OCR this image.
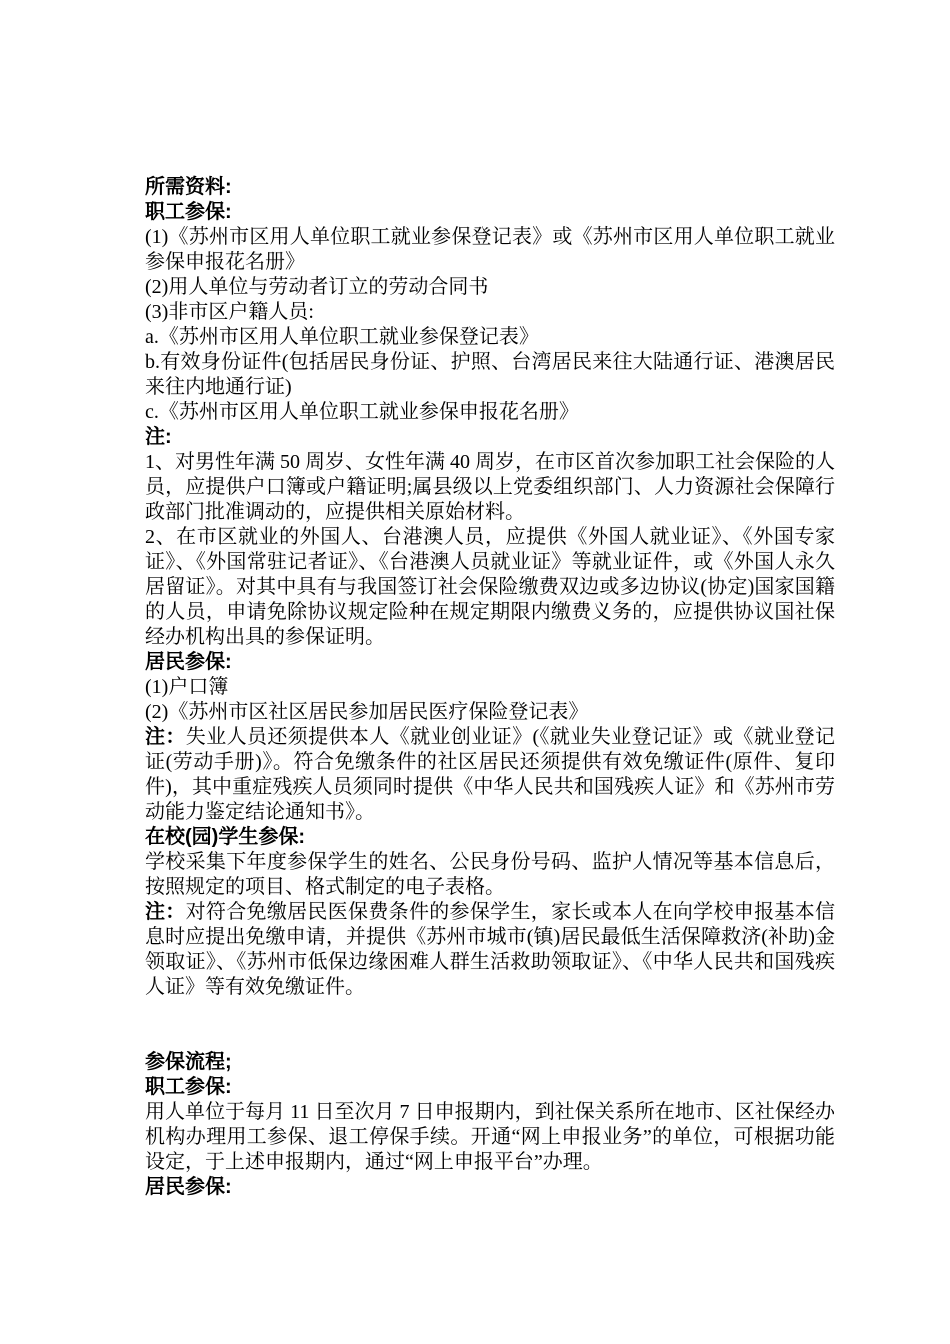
所需资料:

职工参保:

(1)《苏州市区用人单位职工就业参保登记表》或《苏州市区用人单位职工就业参保申报花名册》

(2)用人单位与劳动者订立的劳动合同书

(3)非市区户籍人员:

a.《苏州市区用人单位职工就业参保登记表》

b.有效身份证件(包括居民身份证、护照、台湾居民来往大陆通行证、港澳居民来往内地通行证)

c.《苏州市区用人单位职工就业参保申报花名册》

注:

1、对男性年满 50 周岁、女性年满 40 周岁，在市区首次参加职工社会保险的人员，应提供户口簿或户籍证明;属县级以上党委组织部门、人力资源社会保障行政部门批准调动的，应提供相关原始材料。

2、在市区就业的外国人、台港澳人员，应提供《外国人就业证》、《外国专家证》、《外国常驻记者证》、《台港澳人员就业证》等就业证件，或《外国人永久居留证》。对其中具有与我国签订社会保险缴费双边或多边协议(协定)国家国籍的人员，申请免除协议规定险种在规定期限内缴费义务的，应提供协议国社保经办机构出具的参保证明。

居民参保:

(1)户口簿

(2)《苏州市区社区居民参加居民医疗保险登记表》

注：失业人员还须提供本人《就业创业证》(《就业失业登记证》或《就业登记证(劳动手册)》。符合免缴条件的社区居民还须提供有效免缴证件(原件、复印件)，其中重症残疾人员须同时提供《中华人民共和国残疾人证》和《苏州市劳动能力鉴定结论通知书》。

在校(园)学生参保:

学校采集下年度参保学生的姓名、公民身份号码、监护人情况等基本信息后，按照规定的项目、格式制定的电子表格。

注：对符合免缴居民医保费条件的参保学生，家长或本人在向学校申报基本信息时应提出免缴申请，并提供《苏州市城市(镇)居民最低生活保障救济(补助)金领取证》、《苏州市低保边缘困难人群生活救助领取证》、《中华人民共和国残疾人证》等有效免缴证件。

参保流程;

职工参保:

用人单位于每月 11 日至次月 7 日申报期内，到社保关系所在地市、区社保经办机构办理用工参保、退工停保手续。开通“网上申报业务”的单位，可根据功能设定，于上述申报期内，通过“网上申报平台”办理。

居民参保:
